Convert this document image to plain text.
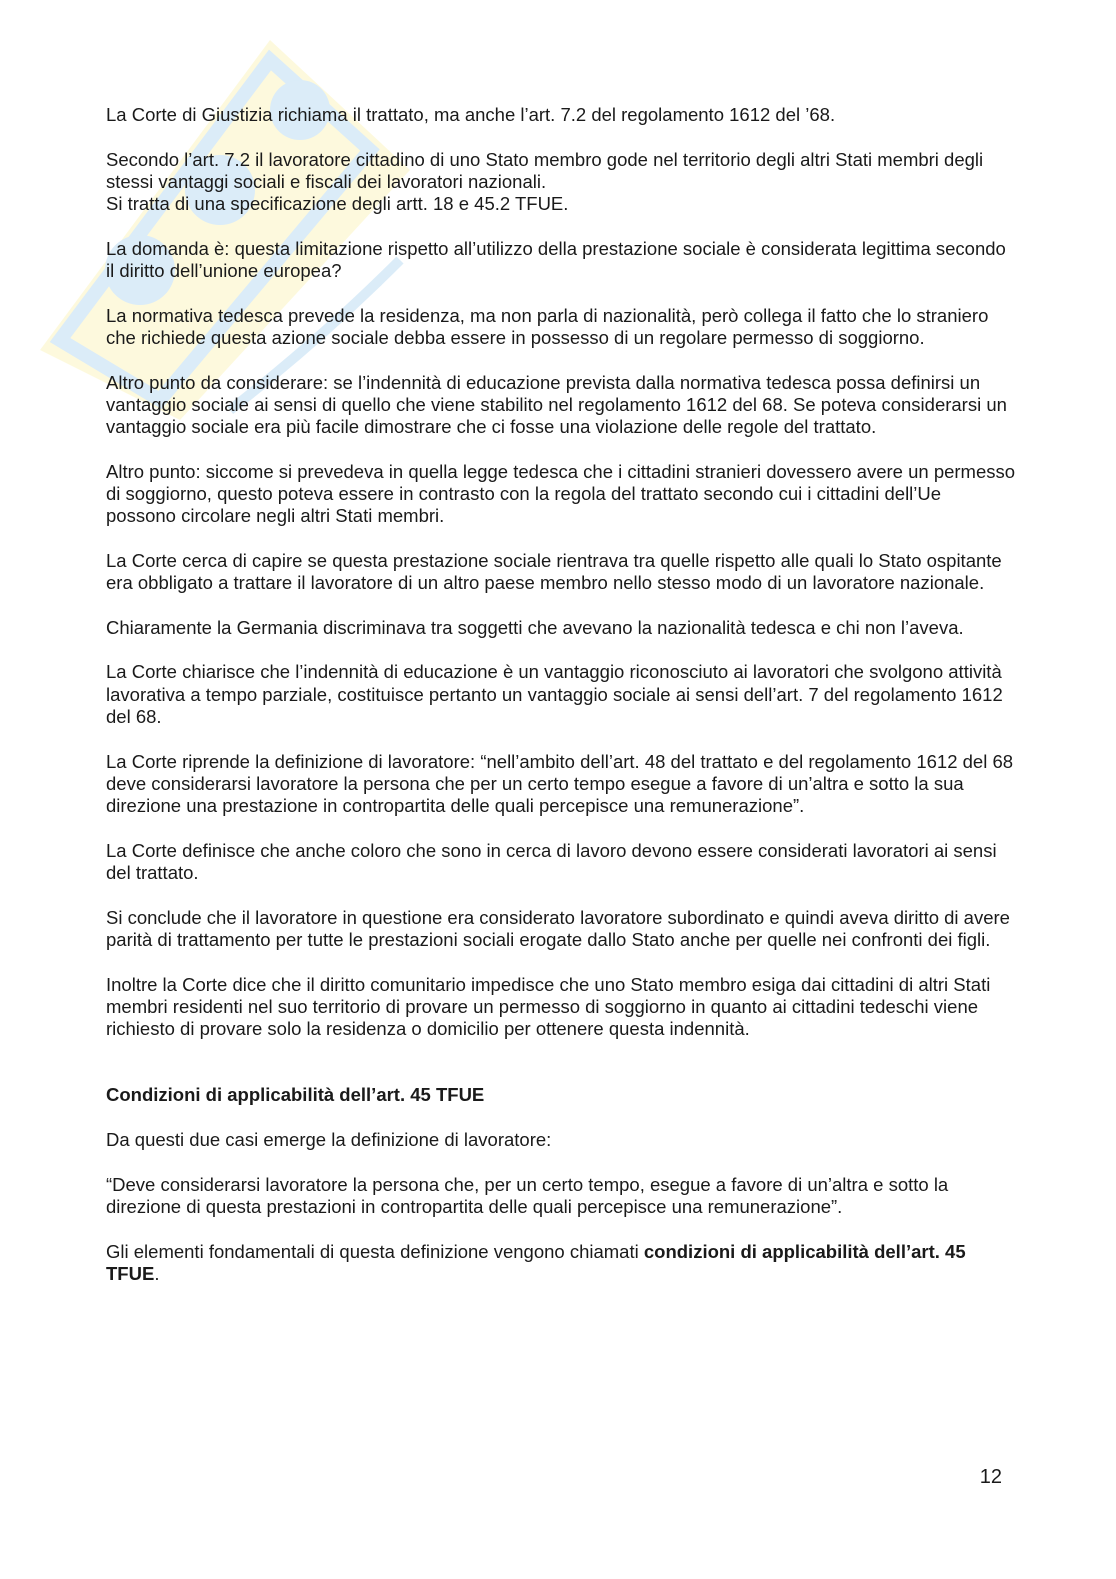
La Corte di Giustizia richiama il trattato, ma anche l’art. 7.2 del regolamento 1612 del ’68.

Secondo l’art. 7.2 il lavoratore cittadino di uno Stato membro gode nel territorio degli altri Stati membri degli stessi vantaggi sociali e fiscali dei lavoratori nazionali.
Si tratta di una specificazione degli artt. 18 e 45.2 TFUE.

La domanda è: questa limitazione rispetto all’utilizzo della prestazione sociale è considerata legittima secondo il diritto dell’unione europea?

La normativa tedesca prevede la residenza, ma non parla di nazionalità, però collega il fatto che lo straniero che richiede questa azione sociale debba essere in possesso di un regolare permesso di soggiorno.

Altro punto da considerare: se l’indennità di educazione prevista dalla normativa tedesca possa definirsi un vantaggio sociale ai sensi di quello che viene stabilito nel regolamento 1612 del 68. Se poteva considerarsi un vantaggio sociale era più facile dimostrare che ci fosse una violazione delle regole del trattato.

Altro punto: siccome si prevedeva in quella legge tedesca che i cittadini stranieri dovessero avere un permesso di soggiorno, questo poteva essere in contrasto con la regola del trattato secondo cui i cittadini dell’Ue possono circolare negli altri Stati membri.

La Corte cerca di capire se questa prestazione sociale rientrava tra quelle rispetto alle quali lo Stato ospitante era obbligato a trattare il lavoratore di un altro paese membro nello stesso modo di un lavoratore nazionale.

Chiaramente la Germania discriminava tra soggetti che avevano la nazionalità tedesca e chi non l’aveva.

La Corte chiarisce che l’indennità di educazione è un vantaggio riconosciuto ai lavoratori che svolgono attività lavorativa a tempo parziale, costituisce pertanto un vantaggio sociale ai sensi dell’art. 7 del regolamento 1612 del 68.

La Corte riprende la definizione di lavoratore: “nell’ambito dell’art. 48 del trattato e del regolamento 1612 del 68 deve considerarsi lavoratore la persona che per un certo tempo esegue a favore di un’altra e sotto la sua direzione una prestazione in contropartita delle quali percepisce una remunerazione”.

La Corte definisce che anche coloro che sono in cerca di lavoro devono essere considerati lavoratori ai sensi del trattato.

Si conclude che il lavoratore in questione era considerato lavoratore subordinato e quindi aveva diritto di avere parità di trattamento per tutte le prestazioni sociali erogate dallo Stato anche per quelle nei confronti dei figli.

Inoltre la Corte dice che il diritto comunitario impedisce che uno Stato membro esiga dai cittadini di altri Stati membri residenti nel suo territorio di provare un permesso di soggiorno in quanto ai cittadini tedeschi viene richiesto di provare solo la residenza o domicilio per ottenere questa indennità.

Condizioni di applicabilità dell’art. 45 TFUE

Da questi due casi emerge la definizione di lavoratore:

“Deve considerarsi lavoratore la persona che, per un certo tempo, esegue a favore di un’altra e sotto la direzione di questa prestazioni in contropartita delle quali percepisce una remunerazione”.

Gli elementi fondamentali di questa definizione vengono chiamati condizioni di applicabilità dell’art. 45 TFUE.

12
